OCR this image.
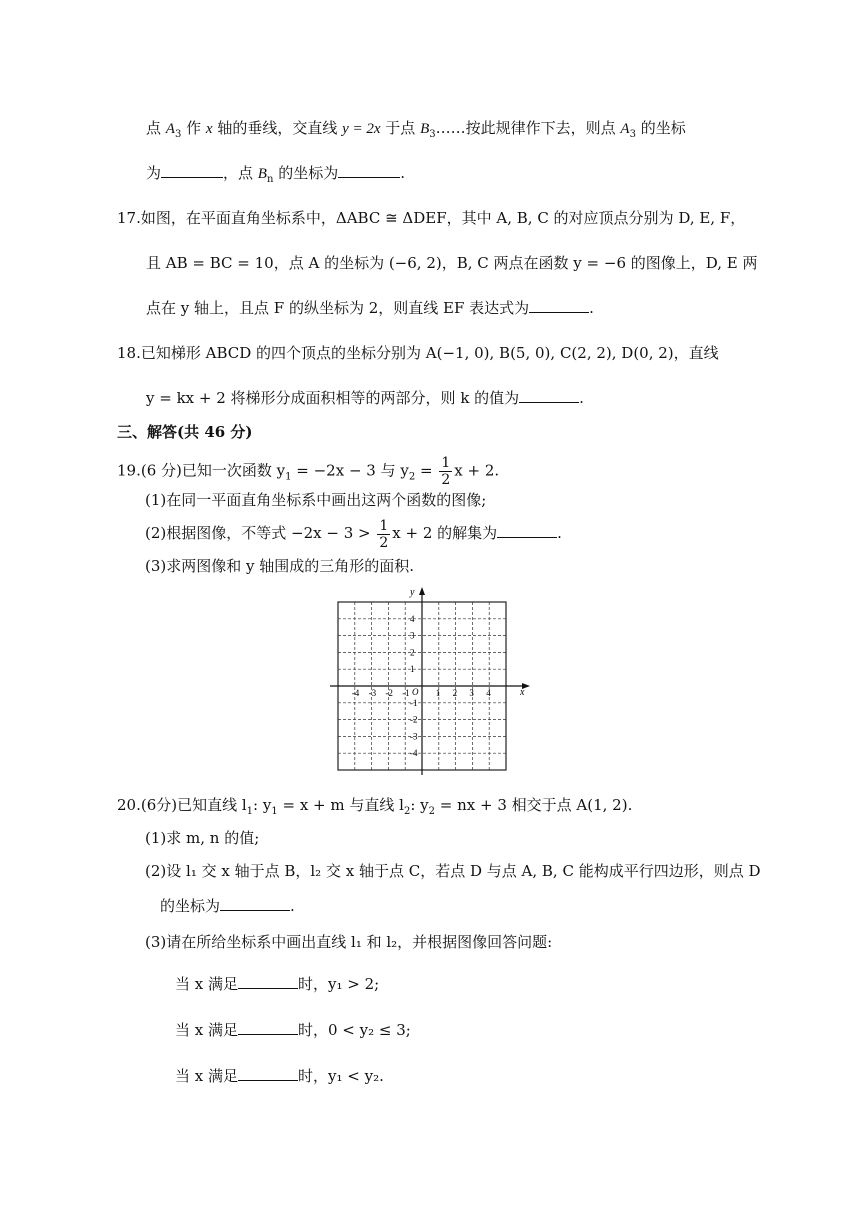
点 $A_3$ 作 x 轴的垂线，交直线 y = 2x 于点 $B_3\dots\dots$按此规律作下去，则点 $A_3$ 的坐标
为	，点 $B_n$ 的坐标为	.
17.如图，在平面直角坐标系中，ΔABC ≅ ΔDEF，其中 A, B, C 的对应顶点分别为 D, E, F，
且 AB = BC = 10，点 A 的坐标为 (−6, 2)，B, C 两点在函数 y = −6 的图像上，D, E 两
点在 y 轴上，且点 F 的纵坐标为 2，则直线 EF 表达式为	.
18.已知梯形 ABCD 的四个顶点的坐标分别为 A(−1, 0), B(5, 0), C(2, 2), D(0, 2)，直线
y = kx + 2 将梯形分成面积相等的两部分，则 k 的值为	.
三、解答(共 46 分)
19.(6 分)已知一次函数 $y_1 = -2x - 3$ 与 $y_2 = \frac{1}{2}$ x + 2.
(1)在同一平面直角坐标系中画出这两个函数的图像;
(2)根据图像，不等式 $-2x - 3 > \frac{1}{2}$ x + 2 的解集为	.
(3)求两图像和 y 轴围成的三角形的面积.
x
y
O
-4 -3 -2 -1	1 2 3 4
4
3
2
1
-1
-2
-3
-4
20.(6分)已知直线 $l_1$: $y_1 = x + m$ 与直线 $l_2$: $y_2$ = nx + 3 相交于点 A(1, 2).
(1)求 m, n 的值;
(2)设 l₁ 交 x 轴于点 B，l₂ 交 x 轴于点 C，若点 D 与点 A, B, C 能构成平行四边形，则点 D
的坐标为	.
(3)请在所给坐标系中画出直线 l₁ 和 l₂，并根据图像回答问题:
当 x 满足	时，y₁ > 2;
当 x 满足	时，0 < y₂ ≤ 3;
当 x 满足	时，y₁ < y₂.
